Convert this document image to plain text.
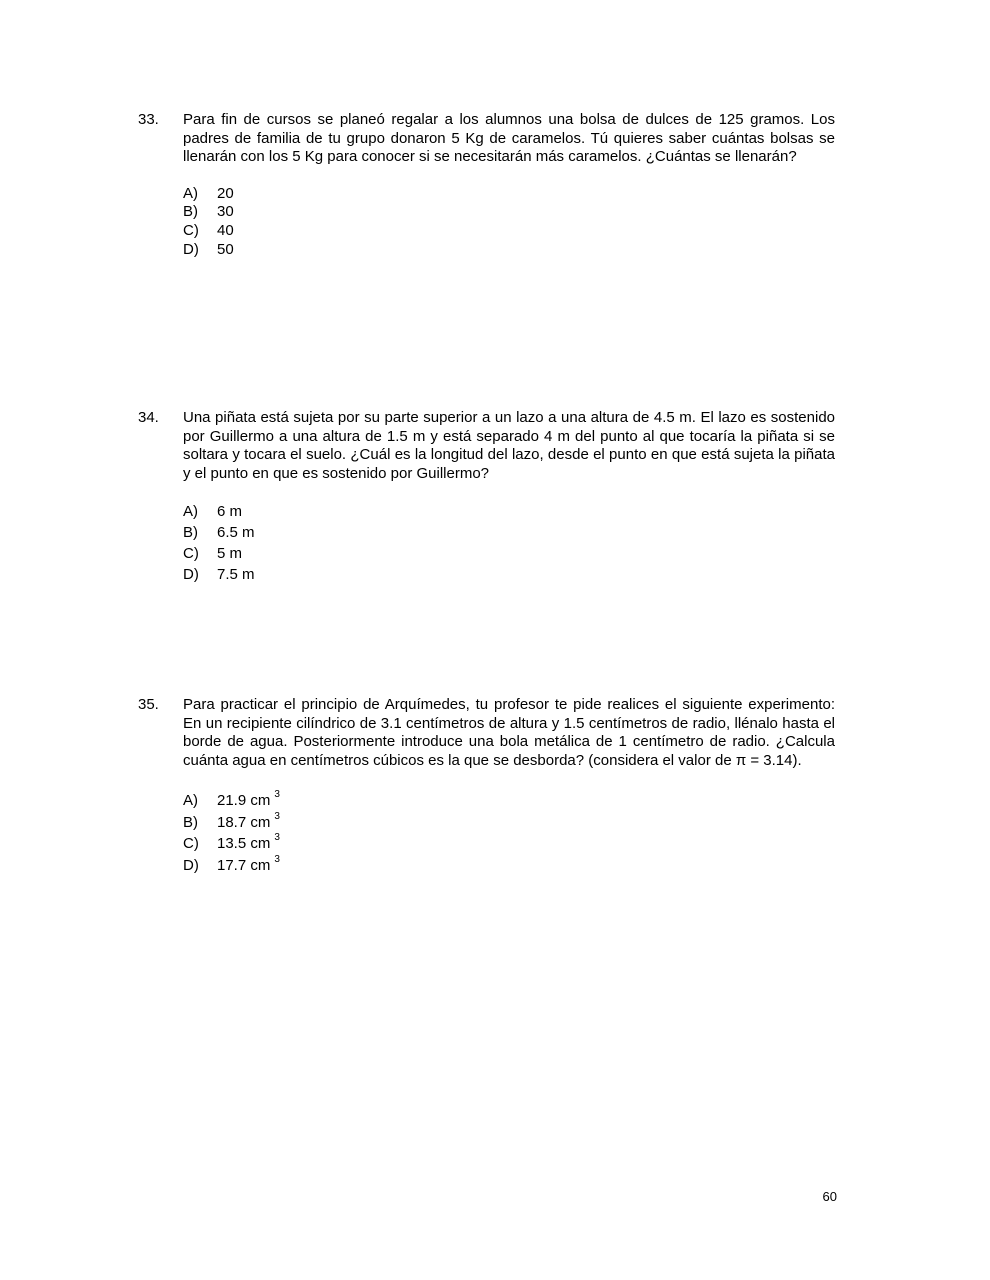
33. Para fin de cursos se planeó regalar a los alumnos una bolsa de dulces de 125 gramos. Los padres de familia de tu grupo donaron 5 Kg de caramelos. Tú quieres saber cuántas bolsas se llenarán con los 5 Kg para conocer si se necesitarán más caramelos. ¿Cuántas se llenarán?

A) 20
B) 30
C) 40
D) 50
34. Una piñata está sujeta por su parte superior a un lazo a una altura de 4.5 m. El lazo es sostenido por Guillermo a una altura de 1.5 m y está separado 4 m del punto al que tocaría la piñata si se soltara y tocara el suelo. ¿Cuál es la longitud del lazo, desde el punto en que está sujeta la piñata y el punto en que es sostenido por Guillermo?

A) 6 m
B) 6.5 m
C) 5 m
D) 7.5 m
35. Para practicar el principio de Arquímedes, tu profesor te pide realices el siguiente experimento: En un recipiente cilíndrico de 3.1 centímetros de altura y 1.5 centímetros de radio, llénalo hasta el borde de agua. Posteriormente introduce una bola metálica de 1 centímetro de radio. ¿Calcula cuánta agua en centímetros cúbicos es la que se desborda? (considera el valor de π = 3.14).

A) 21.9 cm $^3$
B) 18.7 cm $^3$
C) 13.5 cm $^3$
D) 17.7 cm $^3$
60
